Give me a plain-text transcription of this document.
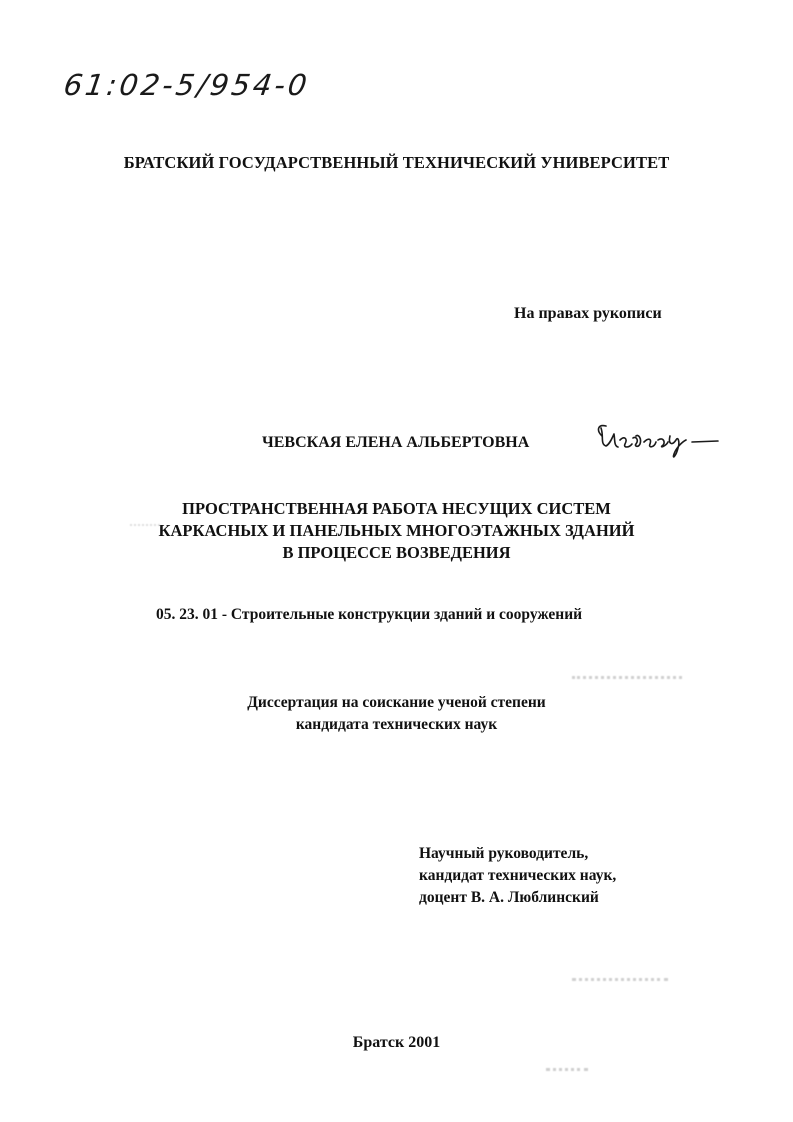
61:02-5/954-0
БРАТСКИЙ ГОСУДАРСТВЕННЫЙ ТЕХНИЧЕСКИЙ УНИВЕРСИТЕТ
На правах рукописи
ЧЕВСКАЯ ЕЛЕНА АЛЬБЕРТОВНА
ПРОСТРАНСТВЕННАЯ РАБОТА НЕСУЩИХ СИСТЕМ
КАРКАСНЫХ И ПАНЕЛЬНЫХ МНОГОЭТАЖНЫХ ЗДАНИЙ
В ПРОЦЕССЕ ВОЗВЕДЕНИЯ
05. 23. 01 - Строительные конструкции зданий и сооружений
Диссертация на соискание ученой степени
кандидата технических наук
Научный руководитель,
кандидат технических наук,
доцент В. А. Люблинский
Братск 2001
